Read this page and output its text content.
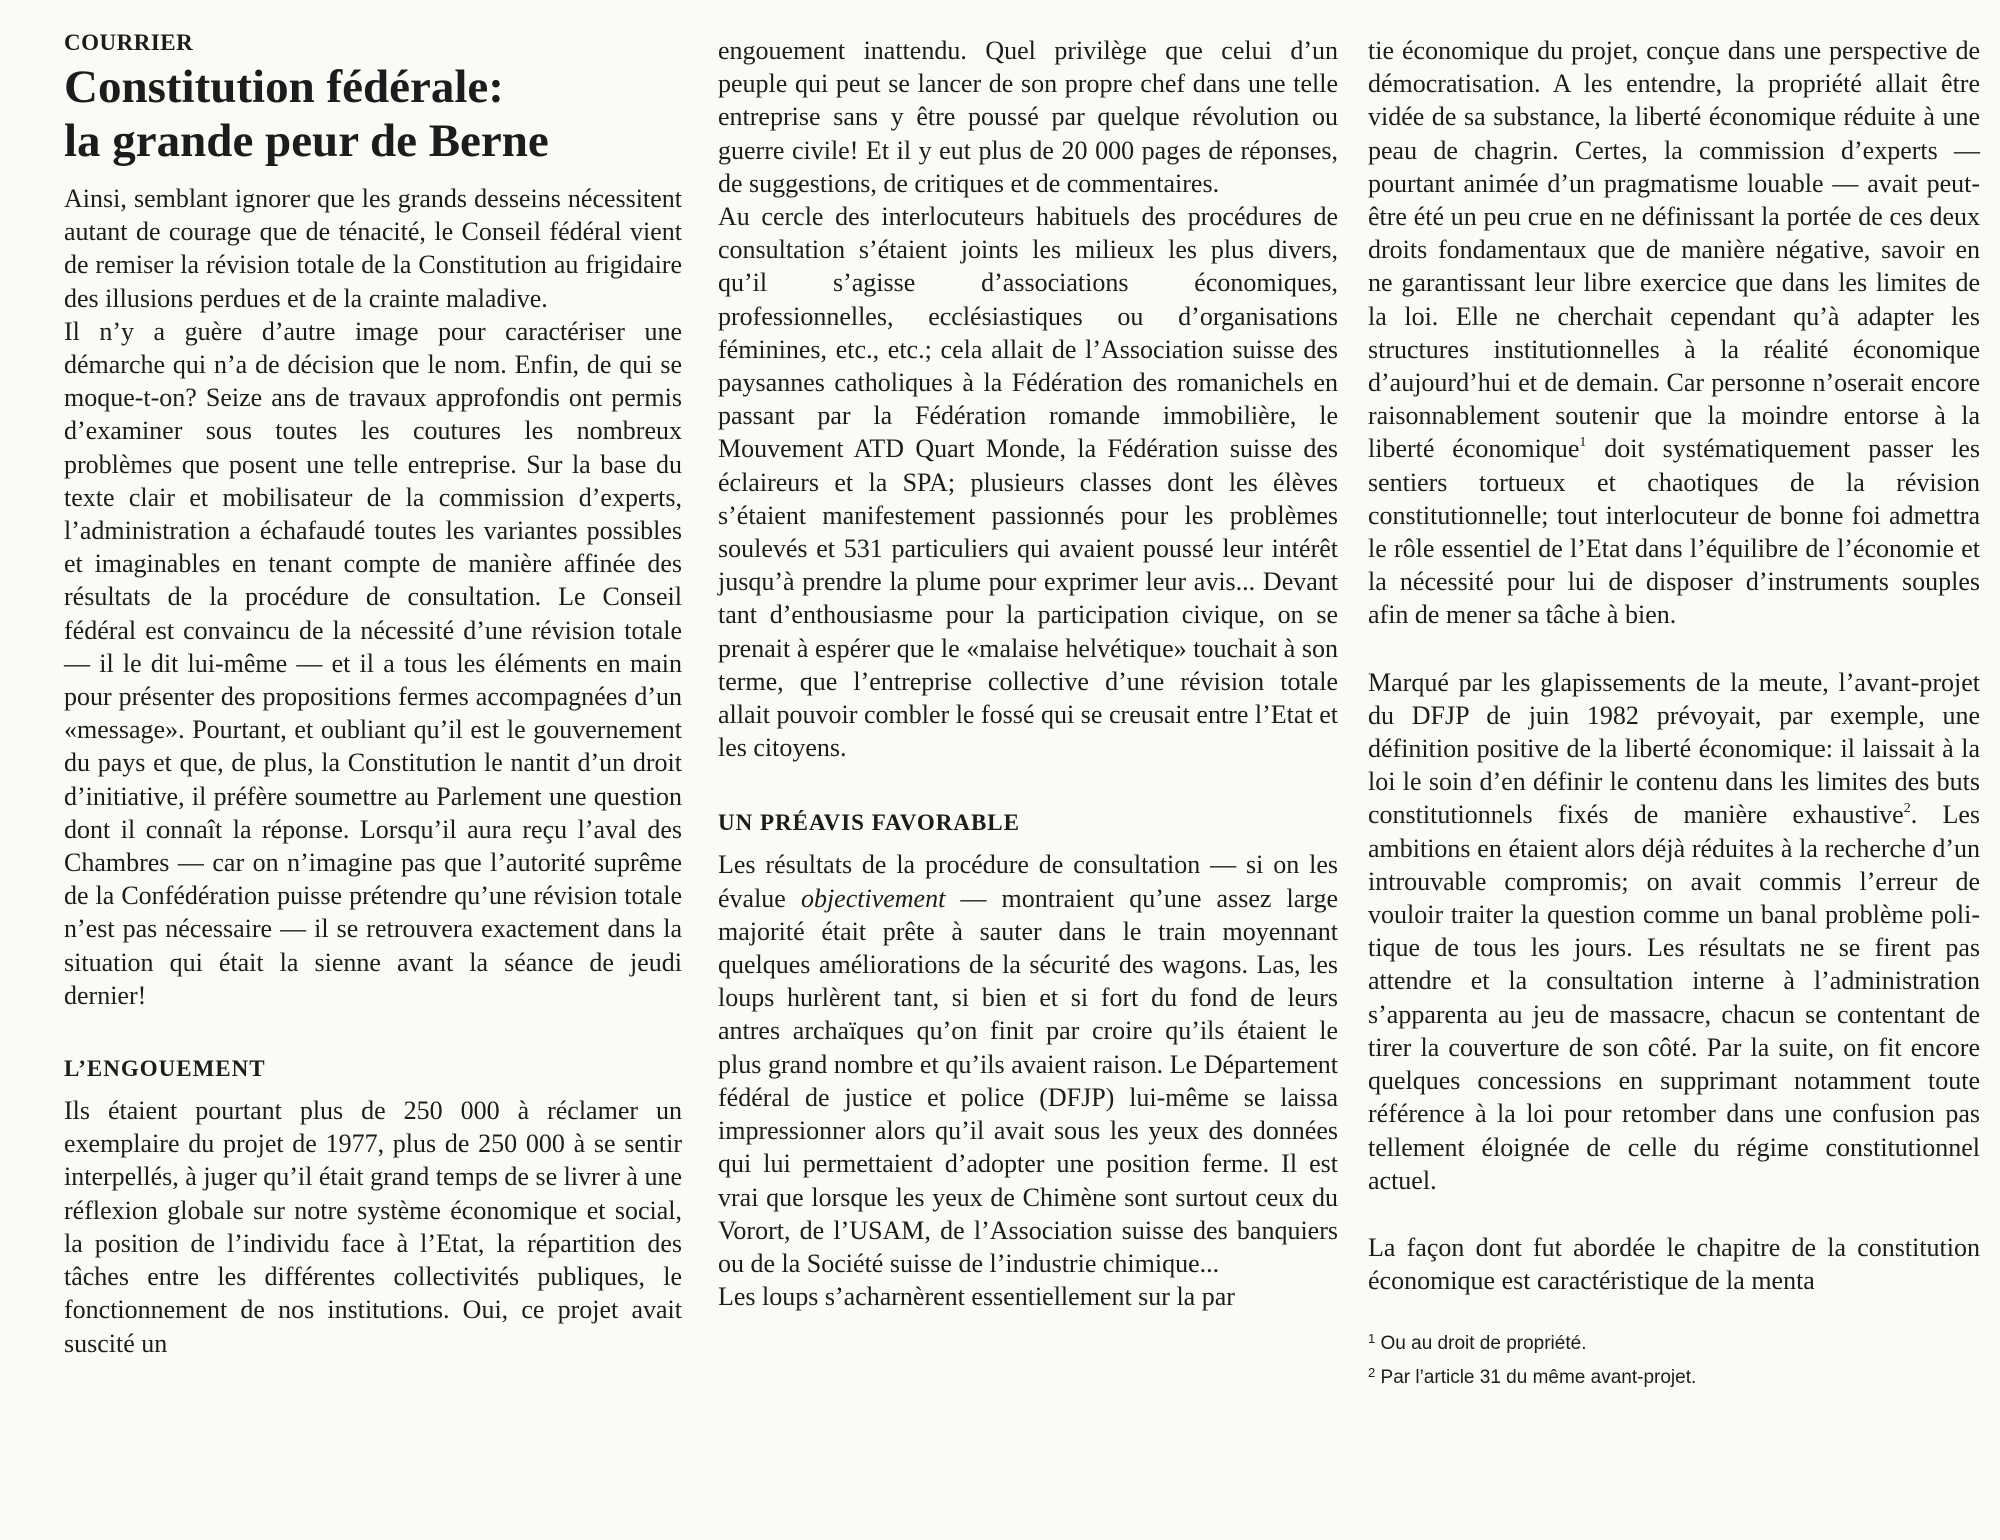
COURRIER
Constitution fédérale:
la grande peur de Berne

Ainsi, semblant ignorer que les grands desseins nécessitent autant de courage que de ténacité, le Conseil fédéral vient de remiser la révision totale de la Constitution au frigidaire des illusions perdues et de la crainte maladive.

Il n’y a guère d’autre image pour caractériser une démarche qui n’a de décision que le nom. Enfin, de qui se moque-t-on? Seize ans de travaux approfondis ont permis d’examiner sous toutes les coutures les nombreux problèmes que posent une telle entreprise. Sur la base du texte clair et mobilisateur de la commission d’experts, l’administration a échafaudé toutes les variantes possibles et imaginables en tenant compte de manière affinée des résultats de la procédure de consultation. Le Conseil fédéral est convaincu de la nécessité d’une révision totale — il le dit lui-même — et il a tous les éléments en main pour présenter des propositions fermes accompagnées d’un «message». Pourtant, et oubliant qu’il est le gouvernement du pays et que, de plus, la Constitution le nantit d’un droit d’initiative, il préfère soumettre au Parlement une question dont il connaît la réponse. Lorsqu’il aura reçu l’aval des Chambres — car on n’imagine pas que l’autorité suprême de la Confédération puisse prétendre qu’une révision totale n’est pas nécessaire — il se retrouvera exactement dans la situation qui était la sienne avant la séance de jeudi dernier!

L’ENGOUEMENT

Ils étaient pourtant plus de 250 000 à réclamer un exemplaire du projet de 1977, plus de 250 000 à se sentir interpellés, à juger qu’il était grand temps de se livrer à une réflexion globale sur notre système économique et social, la position de l’individu face à l’Etat, la répartition des tâches entre les différentes collectivités publiques, le fonctionnement de nos institutions. Oui, ce projet avait suscité un

engouement inattendu. Quel privilège que celui d’un peuple qui peut se lancer de son propre chef dans une telle entreprise sans y être poussé par quelque révolution ou guerre civile! Et il y eut plus de 20 000 pages de réponses, de suggestions, de critiques et de commentaires.

Au cercle des interlocuteurs habituels des procédures de consultation s’étaient joints les milieux les plus divers, qu’il s’agisse d’associations économiques, professionnelles, ecclésiastiques ou d’organisations féminines, etc., etc.; cela allait de l’Association suisse des paysannes catholiques à la Fédération des romanichels en passant par la Fédération romande immobilière, le Mouvement ATD Quart Monde, la Fédération suisse des éclaireurs et la SPA; plusieurs classes dont les élèves s’étaient manifestement passionnés pour les problèmes soulevés et 531 particuliers qui avaient poussé leur intérêt jusqu’à prendre la plume pour exprimer leur avis... Devant tant d’enthousiasme pour la participation civique, on se prenait à espérer que le «malaise helvétique» touchait à son terme, que l’entreprise collective d’une révision totale allait pouvoir combler le fossé qui se creusait entre l’Etat et les citoyens.

UN PRÉAVIS FAVORABLE

Les résultats de la procédure de consultation — si on les évalue objectivement — montraient qu’une assez large majorité était prête à sauter dans le train moyennant quelques améliorations de la sécurité des wagons. Las, les loups hurlèrent tant, si bien et si fort du fond de leurs antres archaïques qu’on finit par croire qu’ils étaient le plus grand nombre et qu’ils avaient raison. Le Département fédéral de justice et police (DFJP) lui-même se laissa impressionner alors qu’il avait sous les yeux des données qui lui permettaient d’adopter une position ferme. Il est vrai que lorsque les yeux de Chimène sont surtout ceux du Vorort, de l’USAM, de l’Association suisse des banquiers ou de la Société suisse de l’industrie chimique...

Les loups s’acharnèrent essentiellement sur la par

tie économique du projet, conçue dans une perspective de démocratisation. A les entendre, la propriété allait être vidée de sa substance, la liberté économique réduite à une peau de chagrin. Certes, la commission d’experts — pourtant animée d’un pragmatisme louable — avait peut-être été un peu crue en ne définissant la portée de ces deux droits fondamentaux que de manière négative, savoir en ne garantissant leur libre exercice que dans les limites de la loi. Elle ne cherchait cependant qu’à adapter les structures institutionnelles à la réalité économique d’aujourd’hui et de demain. Car personne n’oserait encore raisonnablement soutenir que la moindre entorse à la liberté économique$^1$ doit systématiquement passer les sentiers tortueux et chaotiques de la révision constitutionnelle; tout interlocuteur de bonne foi admettra le rôle essentiel de l’Etat dans l’équilibre de l’économie et la nécessité pour lui de disposer d’instruments souples afin de mener sa tâche à bien.

Marqué par les glapissements de la meute, l’avant-projet du DFJP de juin 1982 prévoyait, par exemple, une définition positive de la liberté économique: il laissait à la loi le soin d’en définir le contenu dans les limites des buts constitutionnels fixés de manière exhaustive$^2$. Les ambitions en étaient alors déjà réduites à la recherche d’un introuvable compromis; on avait commis l’erreur de vouloir traiter la question comme un banal problème politique de tous les jours. Les résultats ne se firent pas attendre et la consultation interne à l’administration s’apparenta au jeu de massacre, chacun se contentant de tirer la couverture de son côté. Par la suite, on fit encore quelques concessions en supprimant notamment toute référence à la loi pour retomber dans une confusion pas tellement éloignée de celle du régime constitutionnel actuel.

La façon dont fut abordée le chapitre de la constitution économique est caractéristique de la menta

$^1$ Ou au droit de propriété.
$^2$ Par l’article 31 du même avant-projet.
